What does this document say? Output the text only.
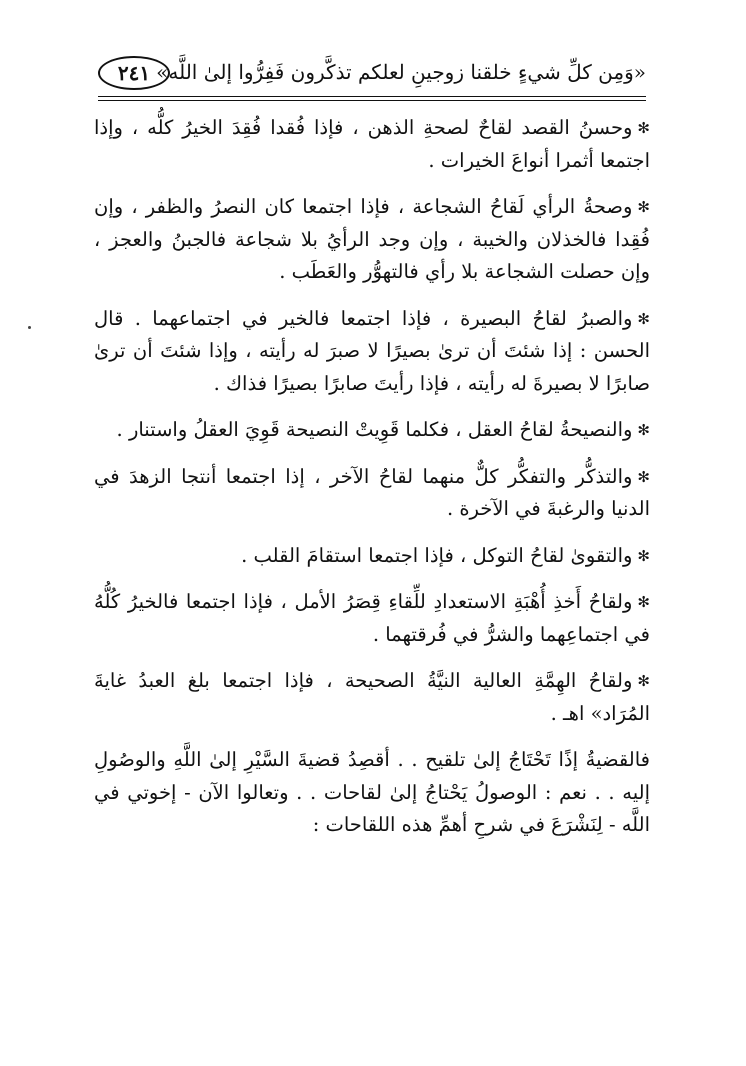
«وَمِن كلِّ شيءٍ خلقنا زوجينِ لعلكم تذكَّرون فَفِرُّوا إلىٰ اللَّه»
٢٤١

✻وحسنُ القصد لقاحٌ لصحةِ الذهن ، فإذا فُقدا فُقِدَ الخيرُ كلُّه ، وإذا اجتمعا أثمرا أنواعَ الخيرات .

✻وصحةُ الرأي لَقاحُ الشجاعة ، فإذا اجتمعا كان النصرُ والظفر ، وإن فُقِدا فالخذلان والخيبة ، وإن وجد الرأيُ بلا شجاعة فالجبنُ والعجز ، وإن حصلت الشجاعة بلا رأي فالتهوُّر والعَطَب .

✻والصبرُ لقاحُ البصيرة ، فإذا اجتمعا فالخير في اجتماعهما . قال الحسن : إذا شئتَ أن ترىٰ بصيرًا لا صبرَ له رأيته ، وإذا شئتَ أن ترىٰ صابرًا لا بصيرةَ له رأيته ، فإذا رأيتَ صابرًا بصيرًا فذاك .

✻والنصيحةُ لقاحُ العقل ، فكلما قَوِيتْ النصيحة قَوِيَ العقلُ واستنار .

✻والتذكُّر والتفكُّر كلٌّ منهما لقاحُ الآخر ، إذا اجتمعا أنتجا الزهدَ في الدنيا والرغبةَ في الآخرة .

✻والتقوىٰ لقاحُ التوكل ، فإذا اجتمعا استقامَ القلب .

✻ولقاحُ أَخذِ أُهْبَةِ الاستعدادِ للِّقاءِ قِصَرُ الأمل ، فإذا اجتمعا فالخيرُ كُلُّهُ في اجتماعِهما والشرُّ في فُرقتهما .

✻ولقاحُ الهِمَّةِ العالية النيَّةُ الصحيحة ، فإذا اجتمعا بلغ العبدُ غايةَ المُرَاد» اهـ .

فالقضيةُ إذًا تَحْتَاجُ إلىٰ تلقيح . . أقصِدُ قضيةَ السَّيْرِ إلىٰ اللَّهِ والوصُولِ إليه . . نعم : الوصولُ يَحْتاجُ إلىٰ لقاحات . . وتعالوا الآن - إخوتي في اللَّه - لِنَشْرَعَ في شرحِ أهمِّ هذه اللقاحات :
